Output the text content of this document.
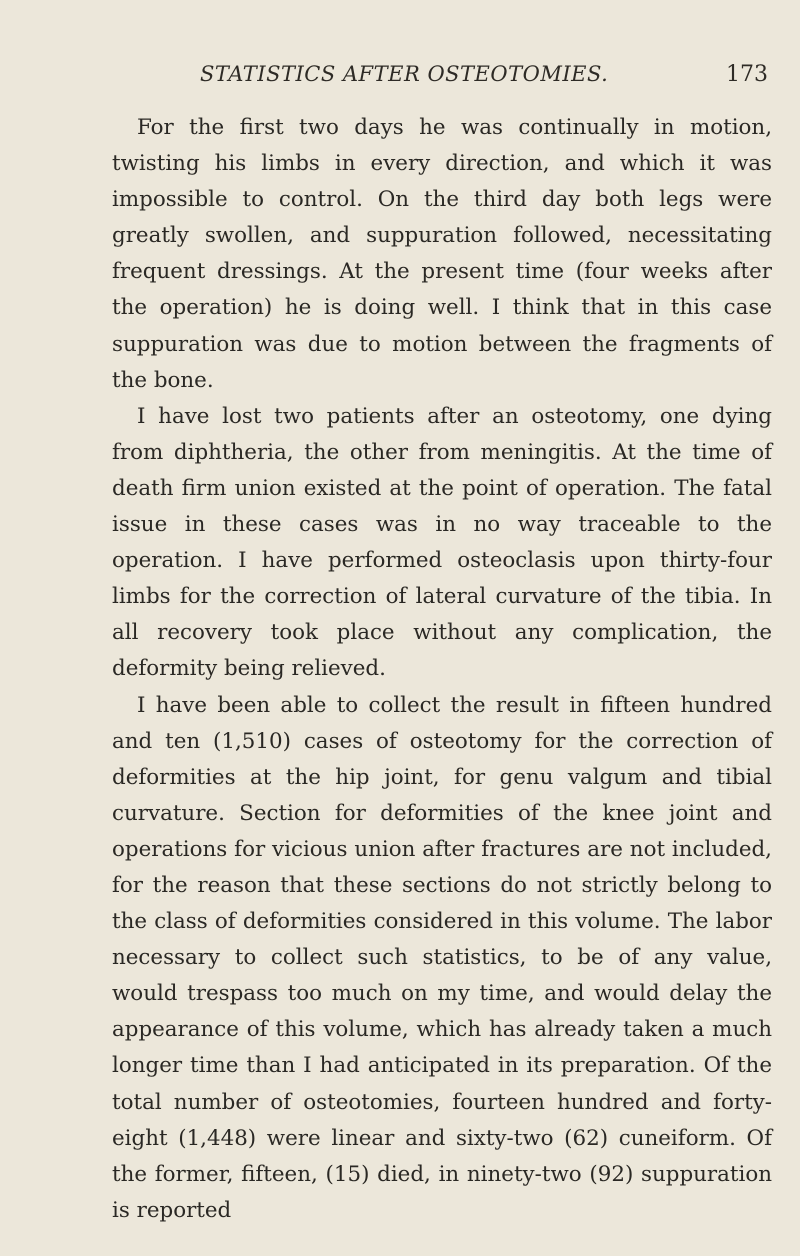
STATISTICS AFTER OSTEOTOMIES.	173

For the first two days he was continually in motion, twisting his limbs in every direction, and which it was impossible to control. On the third day both legs were greatly swollen, and suppuration followed, necessitating frequent dressings. At the present time (four weeks after the operation) he is doing well. I think that in this case suppuration was due to motion between the fragments of the bone.

I have lost two patients after an osteotomy, one dying from diphtheria, the other from meningitis. At the time of death firm union existed at the point of operation. The fatal issue in these cases was in no way traceable to the operation. I have performed osteoclasis upon thirty-four limbs for the correction of lateral curvature of the tibia. In all recovery took place without any complication, the deformity being relieved.

I have been able to collect the result in fifteen hundred and ten (1,510) cases of osteotomy for the correction of deformities at the hip joint, for genu valgum and tibial curvature. Section for deformities of the knee joint and operations for vicious union after fractures are not included, for the reason that these sections do not strictly belong to the class of deformities considered in this volume. The labor necessary to collect such statistics, to be of any value, would trespass too much on my time, and would delay the appearance of this volume, which has already taken a much longer time than I had anticipated in its preparation. Of the total number of osteotomies, fourteen hundred and forty-eight (1,448) were linear and sixty-two (62) cuneiform. Of the former, fifteen, (15) died, in ninety-two (92) suppuration is reported
